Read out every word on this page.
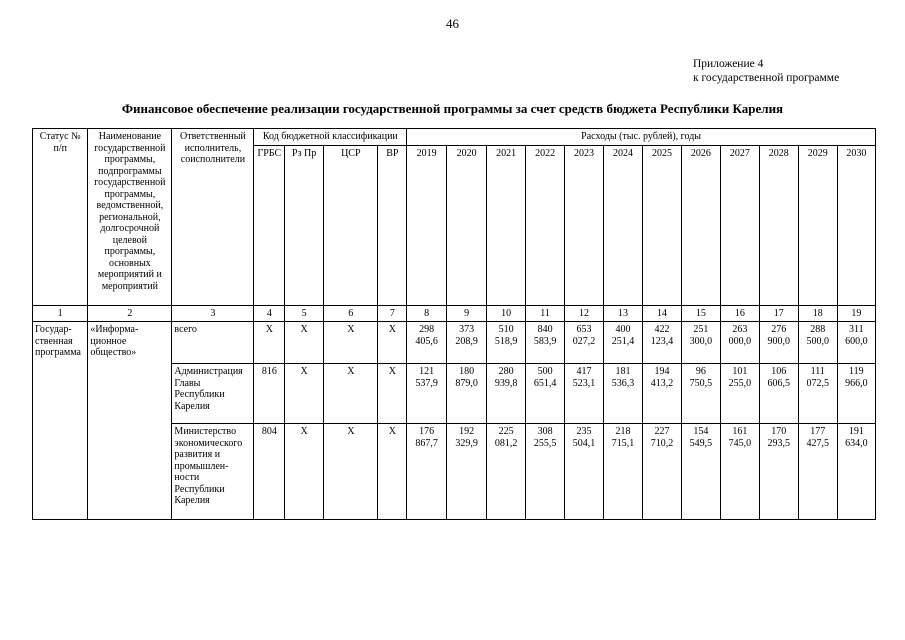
46
Приложение 4
к государственной программе
Финансовое обеспечение реализации государственной программы за счет средств бюджета Республики Карелия
Статус № п/п	Наименование государственной программы, подпрограммы государственной программы, ведомственной, региональной, долгосрочной целевой программы, основных мероприятий и мероприятий	Ответственный исполнитель, соисполнители	Код бюджетной классификации				Расходы (тыс. рублей), годы											
			ГРБС	Рз Пр	ЦСР	ВР	2019	2020	2021	2022	2023	2024	2025	2026	2027	2028	2029	2030
1	2	3	4	5	6	7	8	9	10	11	12	13	14	15	16	17	18	19
Государ-ственная программа	«Информа-ционное общество»	всего	Х	Х	Х	Х	298 405,6	373 208,9	510 518,9	840 583,9	653 027,2	400 251,4	422 123,4	251 300,0	263 000,0	276 900,0	288 500,0	311 600,0
		Администрация Главы Республики Карелия	816	Х	Х	Х	121 537,9	180 879,0	280 939,8	500 651,4	417 523,1	181 536,3	194 413,2	96 750,5	101 255,0	106 606,5	111 072,5	119 966,0
		Министерство экономического развития и промышлен-ности Республики Карелия	804	Х	Х	Х	176 867,7	192 329,9	225 081,2	308 255,5	235 504,1	218 715,1	227 710,2	154 549,5	161 745,0	170 293,5	177 427,5	191 634,0
